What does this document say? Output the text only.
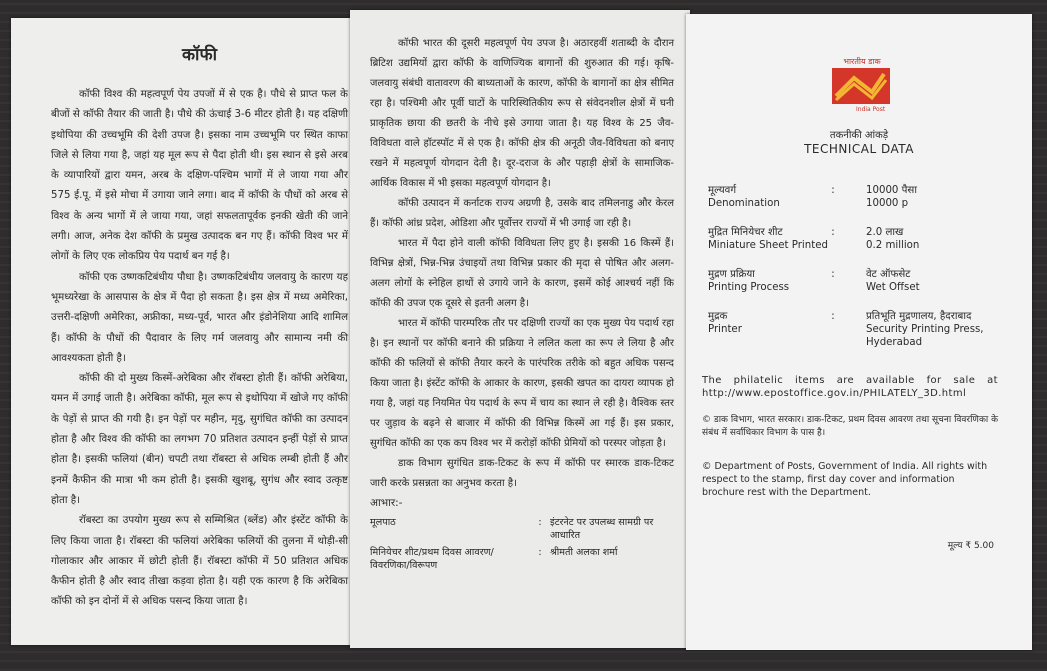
कॉफी

कॉफी विश्व की महत्वपूर्ण पेय उपजों में से एक है। पौधे से प्राप्त फल के बीजों से कॉफी तैयार की जाती है। पौधे की ऊंचाई 3-6 मीटर होती है। यह दक्षिणी इथोपिया की उच्चभूमि की देशी उपज है। इसका नाम उच्चभूमि पर स्थित काफा जिले से लिया गया है, जहां यह मूल रूप से पैदा होती थी। इस स्थान से इसे अरब के व्यापारियों द्वारा यमन, अरब के दक्षिण-पश्चिम भागों में ले जाया गया और 575 ई.पू. में इसे मोचा में उगाया जाने लगा। बाद में कॉफी के पौधों को अरब से विश्व के अन्य भागों में ले जाया गया, जहां सफलतापूर्वक इनकी खेती की जाने लगी। आज, अनेक देश कॉफी के प्रमुख उत्पादक बन गए हैं। कॉफी विश्व भर में लोगों के लिए एक लोकप्रिय पेय पदार्थ बन गई है।

कॉफी एक उष्णकटिबंधीय पौधा है। उष्णकटिबंधीय जलवायु के कारण यह भूमध्यरेखा के आसपास के क्षेत्र में पैदा हो सकता है। इस क्षेत्र में मध्य अमेरिका, उत्तरी-दक्षिणी अमेरिका, अफ्रीका, मध्य-पूर्व, भारत और इंडोनेशिया आदि शामिल हैं। कॉफी के पौधों की पैदावार के लिए गर्म जलवायु और सामान्य नमी की आवश्यकता होती है।

कॉफी की दो मुख्य किस्में-अरेबिका और रॉबस्टा होती हैं। कॉफी अरेबिया, यमन में उगाई जाती है। अरेबिका कॉफी, मूल रूप से इथोपिया में खोजे गए कॉफी के पेड़ों से प्राप्त की गयी है। इन पेड़ों पर महीन, मृदु, सुगंधित कॉफी का उत्पादन होता है और विश्व की कॉफी का लगभग 70 प्रतिशत उत्पादन इन्हीं पेड़ों से प्राप्त होता है। इसकी फलियां (बीन) चपटी तथा रॉबस्टा से अधिक लम्बी होती हैं और इनमें कैफीन की मात्रा भी कम होती है। इसकी खुशबू, सुगंध और स्वाद उत्कृष्ट होता है।

रॉबस्टा का उपयोग मुख्य रूप से सम्मिश्रित (ब्लेंड) और इंस्टेंट कॉफी के लिए किया जाता है। रॉबस्टा की फलियां अरेबिका फलियों की तुलना में थोड़ी-सी गोलाकार और आकार में छोटी होती हैं। रॉबस्टा कॉफी में 50 प्रतिशत अधिक कैफीन होती है और स्वाद तीखा कड़वा होता है। यही एक कारण है कि अरेबिका कॉफी को इन दोनों में से अधिक पसन्द किया जाता है।

कॉफी भारत की दूसरी महत्वपूर्ण पेय उपज है। अठारहवीं शताब्दी के दौरान ब्रिटिश उद्यमियों द्वारा कॉफी के वाणिज्यिक बागानों की शुरुआत की गई। कृषि-जलवायु संबंधी वातावरण की बाध्यताओं के कारण, कॉफी के बागानों का क्षेत्र सीमित रहा है। पश्चिमी और पूर्वी घाटों के पारिस्थितिकीय रूप से संवेदनशील क्षेत्रों में घनी प्राकृतिक छाया की छतरी के नीचे इसे उगाया जाता है। यह विश्व के 25 जैव-विविधता वाले हॉटस्पॉट में से एक है। कॉफी क्षेत्र की अनूठी जैव-विविधता को बनाए रखने में महत्वपूर्ण योगदान देती है। दूर-दराज के और पहाड़ी क्षेत्रों के सामाजिक-आर्थिक विकास में भी इसका महत्वपूर्ण योगदान है।

कॉफी उत्पादन में कर्नाटक राज्य अग्रणी है, उसके बाद तमिलनाडु और केरल हैं। कॉफी आंध्र प्रदेश, ओडिशा और पूर्वोत्तर राज्यों में भी उगाई जा रही है।

भारत में पैदा होने वाली कॉफी विविधता लिए हुए है। इसकी 16 किस्में हैं। विभिन्न क्षेत्रों, भिन्न-भिन्न उंचाइयों तथा विभिन्न प्रकार की मृदा से पोषित और अलग-अलग लोगों के स्नेहिल हाथों से उगाये जाने के कारण, इसमें कोई आश्चर्य नहीं कि कॉफी की उपज एक दूसरे से इतनी अलग है।

भारत में कॉफी पारम्परिक तौर पर दक्षिणी राज्यों का एक मुख्य पेय पदार्थ रहा है। इन स्थानों पर कॉफी बनाने की प्रक्रिया ने ललित कला का रूप ले लिया है और कॉफी की फलियों से कॉफी तैयार करने के पारंपरिक तरीके को बहुत अधिक पसन्द किया जाता है। इंस्टेंट कॉफी के आकार के कारण, इसकी खपत का दायरा व्यापक हो गया है, जहां यह नियमित पेय पदार्थ के रूप में चाय का स्थान ले रही है। वैश्विक स्तर पर जुड़ाव के बढ़ने से बाजार में कॉफी की विभिन्न किस्में आ गई हैं। इस प्रकार, सुगंधित कॉफी का एक कप विश्व भर में करोड़ों कॉफी प्रेमियों को परस्पर जोड़ता है।

डाक विभाग सुगंधित डाक-टिकट के रूप में कॉफी पर स्मारक डाक-टिकट जारी करके प्रसन्नता का अनुभव करता है।

आभार:-
मूलपाठ	: इंटरनेट पर उपलब्ध सामग्री पर आधारित
मिनियेचर शीट/प्रथम दिवस आवरण/ विवरणिका/विरूपण
: श्रीमती अलका शर्मा
भारतीय डाक
India Post
तकनीकी आंकड़े
TECHNICAL DATA
मूल्यवर्ग	:	10000 पैसा
Denomination	10000 p
मुद्रित मिनियेचर शीट	:	2.0 लाख
Miniature Sheet Printed	0.2 million
मुद्रण प्रक्रिया	:	वेट ऑफसेट
Printing Process	Wet Offset
मुद्रक	:	प्रतिभूति मुद्रणालय, हैदराबाद
Printer	Security Printing Press, Hyderabad
The philatelic items are available for sale at http://www.epostoffice.gov.in/PHILATELY_3D.html
© डाक विभाग, भारत सरकार। डाक-टिकट, प्रथम दिवस आवरण तथा सूचना विवरणिका के संबंध में सर्वाधिकार विभाग के पास है।
© Department of Posts, Government of India. All rights with respect to the stamp, first day cover and information brochure rest with the Department.
मूल्य ₹ 5.00
